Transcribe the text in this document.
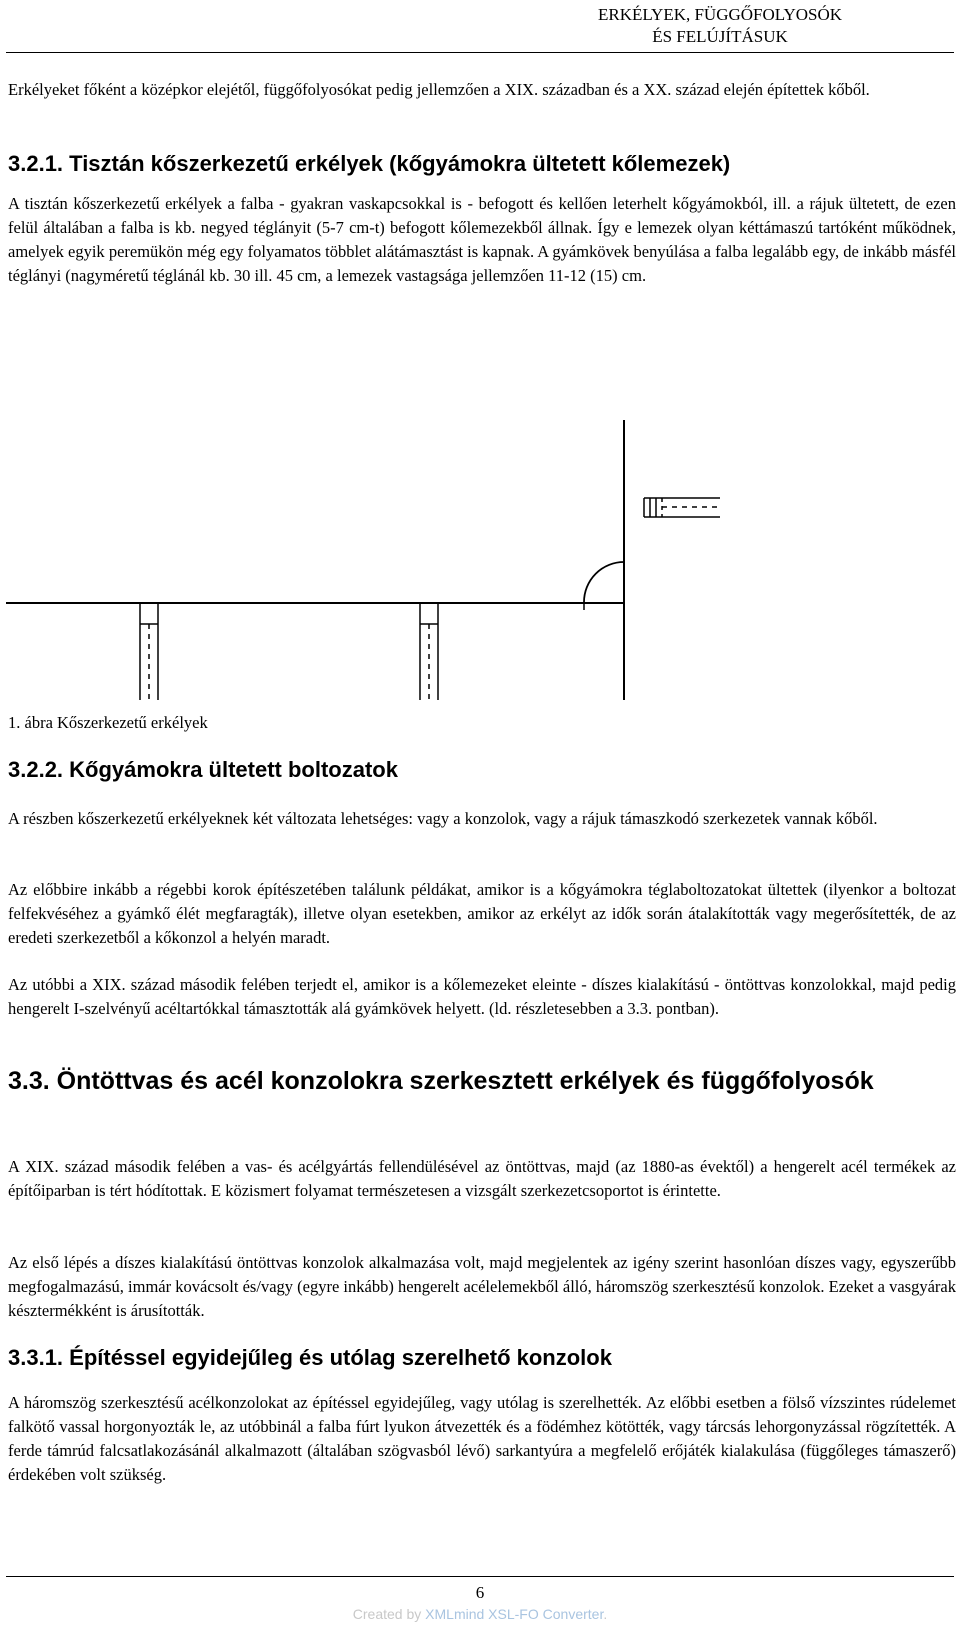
ERKÉLYEK, FÜGGŐFOLYOSÓK
ÉS FELÚJÍTÁSUK

Erkélyeket főként a középkor elejétől, függőfolyosókat pedig jellemzően a XIX. században és a XX. század elején építettek kőből.

3.2.1. Tisztán kőszerkezetű erkélyek (kőgyámokra ültetett kőlemezek)

A tisztán kőszerkezetű erkélyek a falba - gyakran vaskapcsokkal is - befogott és kellően leterhelt kőgyámokból, ill. a rájuk ültetett, de ezen felül általában a falba is kb. negyed téglányit (5-7 cm-t) befogott kőlemezekből állnak. Így e lemezek olyan kéttámaszú tartóként működnek, amelyek egyik peremükön még egy folyamatos többlet alátámasztást is kapnak. A gyámkövek benyúlása a falba legalább egy, de inkább másfél téglányi (nagyméretű téglánál kb. 30 ill. 45 cm, a lemezek vastagsága jellemzően 11-12 (15) cm.

1. ábra Kőszerkezetű erkélyek
3.2.2. Kőgyámokra ültetett boltozatok

A részben kőszerkezetű erkélyeknek két változata lehetséges: vagy a konzolok, vagy a rájuk támaszkodó szerkezetek vannak kőből.

Az előbbire inkább a régebbi korok építészetében találunk példákat, amikor is a kőgyámokra téglaboltozatokat ültettek (ilyenkor a boltozat felfekvéséhez a gyámkő élét megfaragták), illetve olyan esetekben, amikor az erkélyt az idők során átalakították vagy megerősítették, de az eredeti szerkezetből a kőkonzol a helyén maradt.

Az utóbbi a XIX. század második felében terjedt el, amikor is a kőlemezeket eleinte - díszes kialakítású - öntöttvas konzolokkal, majd pedig hengerelt I-szelvényű acéltartókkal támasztották alá gyámkövek helyett. (ld. részletesebben a 3.3. pontban).

3.3. Öntöttvas és acél konzolokra szerkesztett erkélyek és függőfolyosók

A XIX. század második felében a vas- és acélgyártás fellendülésével az öntöttvas, majd (az 1880-as évektől) a hengerelt acél termékek az építőiparban is tért hódítottak. E közismert folyamat természetesen a vizsgált szerkezetcsoportot is érintette.

Az első lépés a díszes kialakítású öntöttvas konzolok alkalmazása volt, majd megjelentek az igény szerint hasonlóan díszes vagy, egyszerűbb megfogalmazású, immár kovácsolt és/vagy (egyre inkább) hengerelt acélelemekből álló, háromszög szerkesztésű konzolok. Ezeket a vasgyárak késztermékként is árusították.

3.3.1. Építéssel egyidejűleg és utólag szerelhető konzolok

A háromszög szerkesztésű acélkonzolokat az építéssel egyidejűleg, vagy utólag is szerelhették. Az előbbi esetben a fölső vízszintes rúdelemet falkötő vassal horgonyozták le, az utóbbinál a falba fúrt lyukon átvezették és a födémhez kötötték, vagy tárcsás lehorgonyzással rögzítették. A ferde támrúd falcsatlakozásánál alkalmazott (általában szögvasból lévő) sarkantyúra a megfelelő erőjáték kialakulása (függőleges támaszerő) érdekében volt szükség.

6
Created by XMLmind XSL-FO Converter.
